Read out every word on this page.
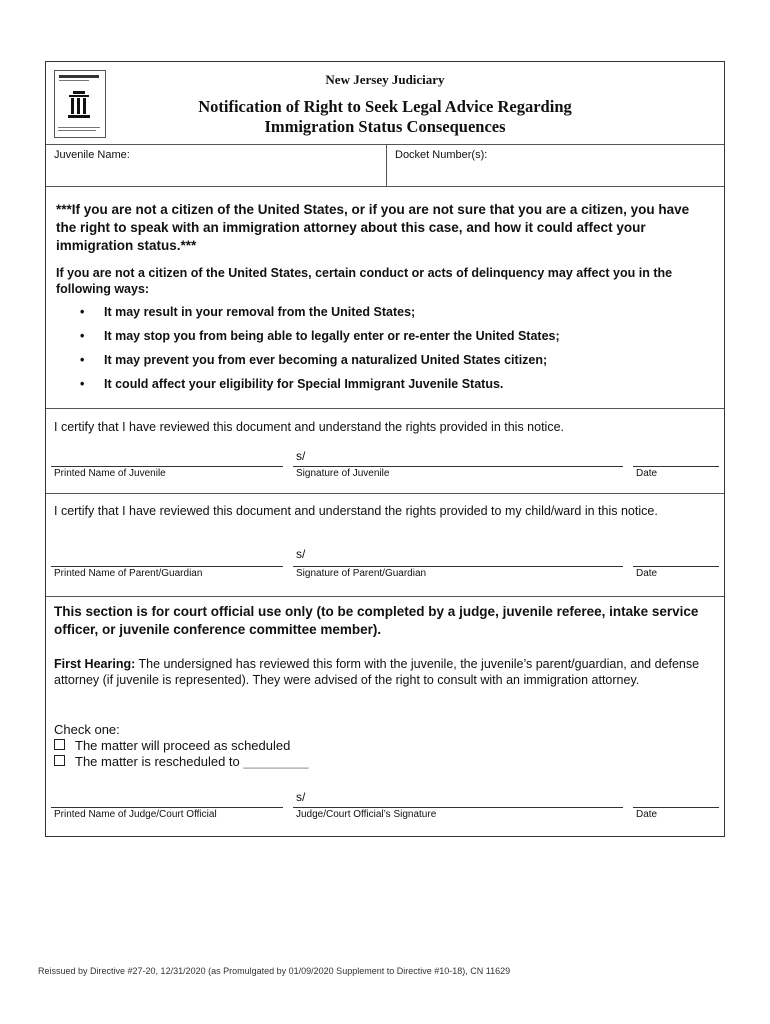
New Jersey Judiciary
Notification of Right to Seek Legal Advice Regarding
Immigration Status Consequences
Juvenile Name:	Docket Number(s):
***If you are not a citizen of the United States, or if you are not sure that you are a citizen, you have the right to speak with an immigration attorney about this case, and how it could affect your immigration status.***
If you are not a citizen of the United States, certain conduct or acts of delinquency may affect you in the following ways:
• It may result in your removal from the United States;
• It may stop you from being able to legally enter or re-enter the United States;
• It may prevent you from ever becoming a naturalized United States citizen;
• It could affect your eligibility for Special Immigrant Juvenile Status.
I certify that I have reviewed this document and understand the rights provided in this notice.
s/
Printed Name of Juvenile	Signature of Juvenile	Date
I certify that I have reviewed this document and understand the rights provided to my child/ward in this notice.
s/
Printed Name of Parent/Guardian	Signature of Parent/Guardian	Date
This section is for court official use only (to be completed by a judge, juvenile referee, intake service officer, or juvenile conference committee member).
First Hearing: The undersigned has reviewed this form with the juvenile, the juvenile’s parent/guardian, and defense attorney (if juvenile is represented). They were advised of the right to consult with an immigration attorney.
Check one:
The matter will proceed as scheduled
The matter is rescheduled to _________
s/
Printed Name of Judge/Court Official	Judge/Court Official’s Signature	Date
Reissued by Directive #27-20, 12/31/2020 (as Promulgated by 01/09/2020 Supplement to Directive #10-18), CN 11629
